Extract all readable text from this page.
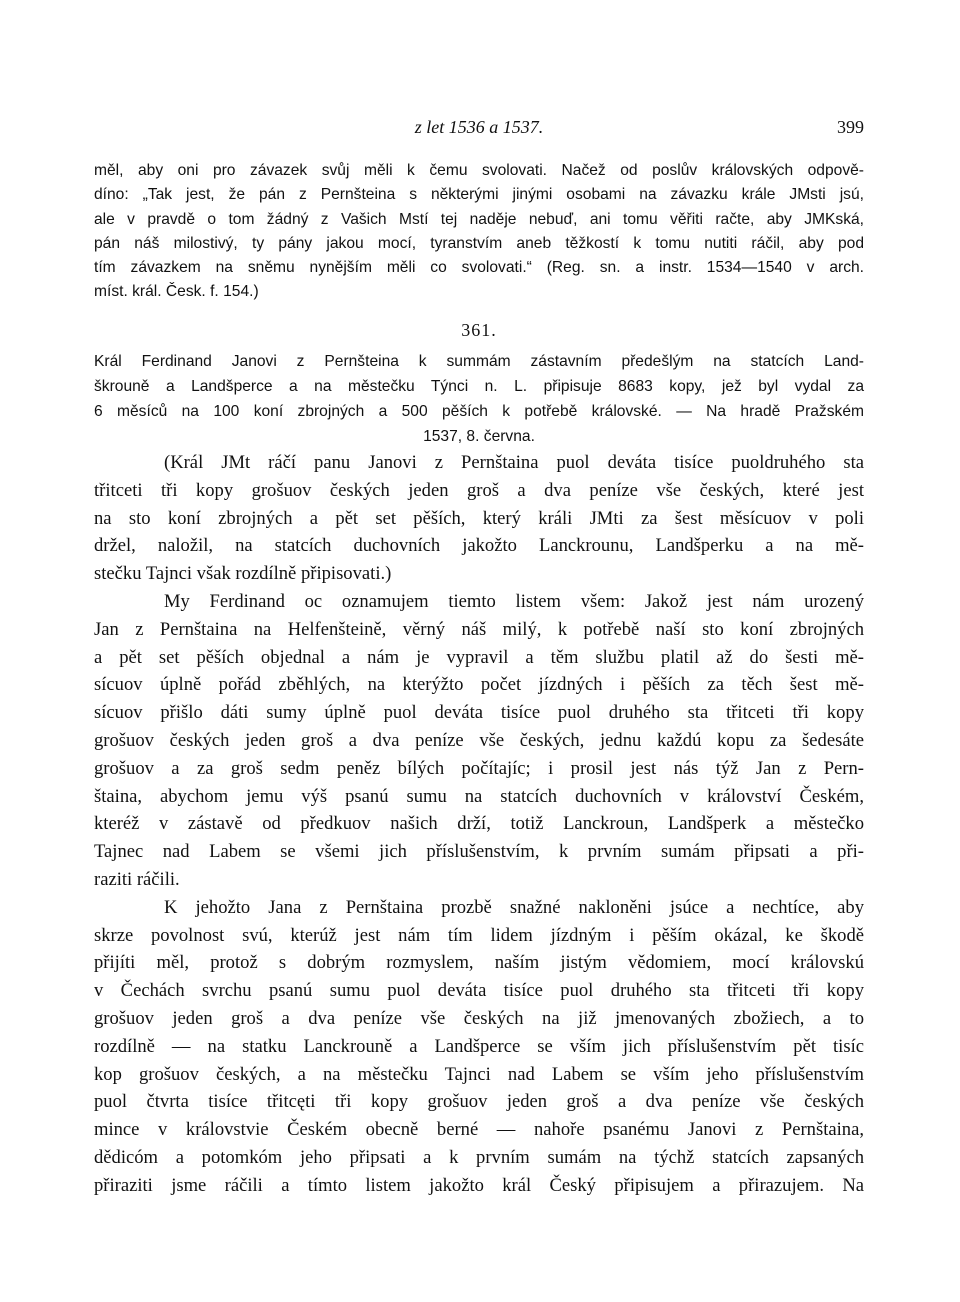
z let 1536 a 1537.	399
měl, aby oni pro závazek svůj měli k čemu svolovati. Načež od poslův královských odpově-
díno: „Tak jest, že pán z Pernšteina s některými jinými osobami na závazku krále JMsti jsú,
ale v pravdě o tom žádný z Vašich Mstí tej naděje nebuď, ani tomu věřiti račte, aby JMKská,
pán náš milostivý, ty pány jakou mocí, tyranstvím aneb těžkostí k tomu nutiti ráčil, aby pod
tím závazkem na sněmu nynějším měli co svolovati.“ (Reg. sn. a instr. 1534—1540 v arch.
míst. král. Česk. f. 154.)
361.
Král Ferdinand Janovi z Pernšteina k summám zástavním předešlým na statcích Land-
škrouně a Landšperce a na městečku Týnci n. L. připisuje 8683 kopy, jež byl vydal za
6 měsíců na 100 koní zbrojných a 500 pěších k potřebě královské. — Na hradě Pražském
1537, 8. června.
(Král JMt ráčí panu Janovi z Pernštaina puol deváta tisíce puoldruhého sta
třitceti tři kopy grošuov českých jeden groš a dva peníze vše českých, které jest
na sto koní zbrojných a pět set pěších, který králi JMti za šest měsícuov v poli
držel, naložil, na statcích duchovních jakožto Lanckrounu, Landšperku a na mě-
stečku Tajnci však rozdílně připisovati.)
My Ferdinand oc oznamujem tiemto listem všem: Jakož jest nám urozený
Jan z Pernštaina na Helfenšteině, věrný náš milý, k potřebě naší sto koní zbrojných
a pět set pěších objednal a nám je vypravil a těm službu platil až do šesti mě-
sícuov úplně pořád zběhlých, na kterýžto počet jízdných i pěších za těch šest mě-
sícuov přišlo dáti sumy úplně puol deváta tisíce puol druhého sta třitceti tři kopy
grošuov českých jeden groš a dva peníze vše českých, jednu každú kopu za šedesáte
grošuov a za groš sedm peněz bílých počítajíc; i prosil jest nás týž Jan z Pern-
štaina, abychom jemu výš psanú sumu na statcích duchovních v království Českém,
kteréž v zástavě od předkuov našich drží, totiž Lanckroun, Landšperk a městečko
Tajnec nad Labem se všemi jich příslušenstvím, k prvním sumám připsati a při-
raziti ráčili.
K jehožto Jana z Pernštaina prozbě snažné nakloněni jsúce a nechtíce, aby
skrze povolnost svú, kterúž jest nám tím lidem jízdným i pěším okázal, ke škodě
přijíti měl, protož s dobrým rozmyslem, naším jistým vědomiem, mocí královskú
v Čechách svrchu psanú sumu puol deváta tisíce puol druhého sta třitceti tři kopy
grošuov jeden groš a dva peníze vše českých na již jmenovaných zbožiech, a to
rozdílně — na statku Lanckrouně a Landšperce se vším jich příslušenstvím pět tisíc
kop grošuov českých, a na městečku Tajnci nad Labem se vším jeho příslušenstvím
puol čtvrta tisíce třitcęti tři kopy grošuov jeden groš a dva peníze vše českých
mince v královstvie Českém obecně berné — nahoře psanému Janovi z Pernštaina,
dědicóm a potomkóm jeho připsati a k prvním sumám na týchž statcích zapsaných
přiraziti jsme ráčili a tímto listem jakožto král Český připisujem a přirazujem. Na
